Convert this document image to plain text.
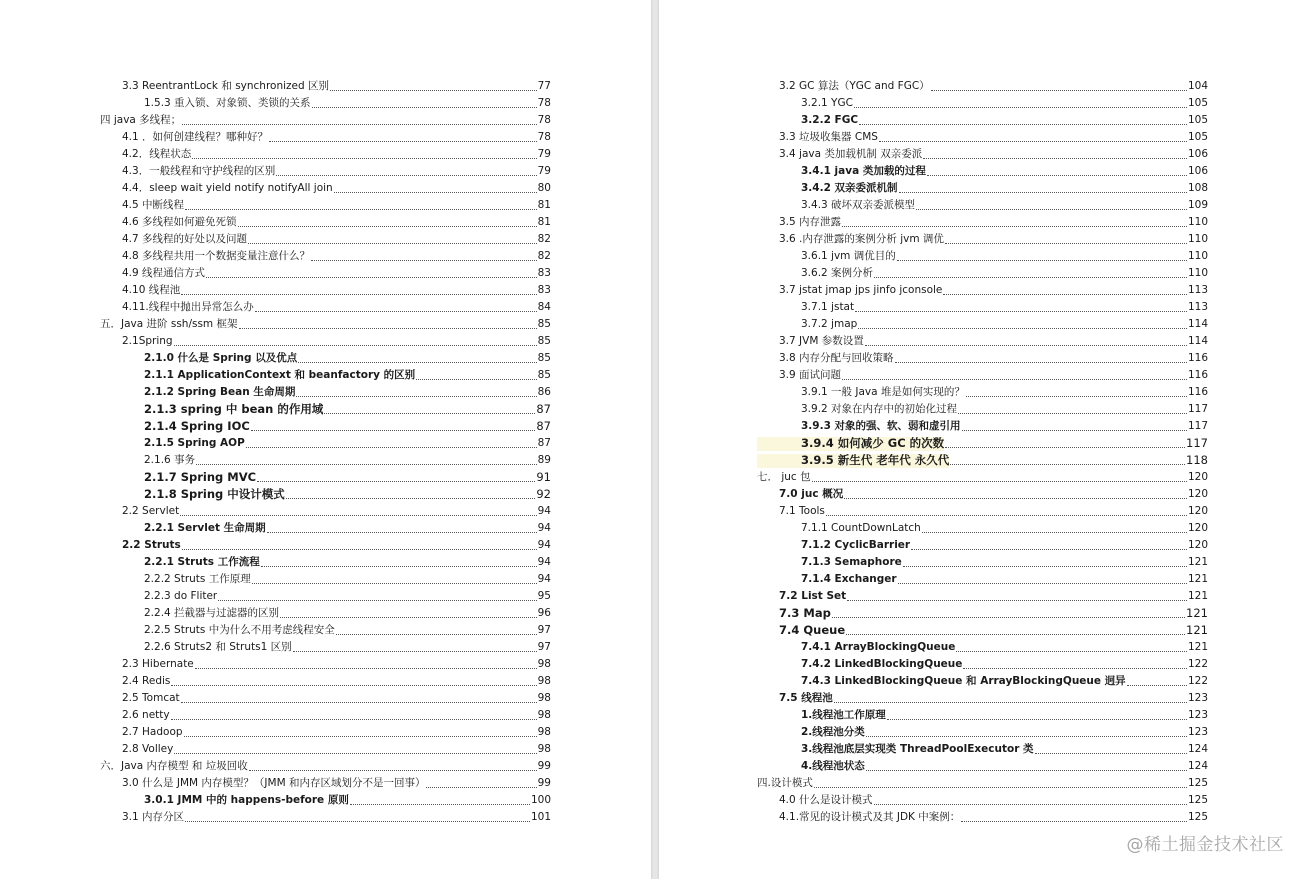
3.3 ReentrantLock 和 synchronized 区别	77
1.5.3 重入锁、对象锁、类锁的关系	78
四 java 多线程；	78
4.1 ．如何创建线程？哪种好？	78
4.2．线程状态	79
4.3．一般线程和守护线程的区别	79
4.4．sleep wait yield notify notifyAll join	80
4.5 中断线程	81
4.6 多线程如何避免死锁	81
4.7 多线程的好处以及问题	82
4.8 多线程共用一个数据变量注意什么？	82
4.9 线程通信方式	83
4.10 线程池	83
4.11.线程中抛出异常怎么办	84
五．Java 进阶 ssh/ssm 框架	85
2.1Spring	85
2.1.0 什么是 Spring 以及优点	85
2.1.1 ApplicationContext 和 beanfactory 的区别	85
2.1.2 Spring Bean 生命周期	86
2.1.3 spring 中 bean 的作用域	87
2.1.4 Spring IOC	87
2.1.5 Spring AOP	87
2.1.6 事务	89
2.1.7 Spring MVC	91
2.1.8 Spring 中设计模式	92
2.2 Servlet	94
2.2.1 Servlet 生命周期	94
2.2 Struts	94
2.2.1 Struts 工作流程	94
2.2.2 Struts 工作原理	94
2.2.3 do Fliter	95
2.2.4 拦截器与过滤器的区别	96
2.2.5 Struts 中为什么不用考虑线程安全	97
2.2.6 Struts2 和 Struts1 区别	97
2.3 Hibernate	98
2.4 Redis	98
2.5 Tomcat	98
2.6 netty	98
2.7 Hadoop	98
2.8 Volley	98
六．Java 内存模型 和 垃圾回收	99
3.0 什么是 JMM 内存模型？（JMM 和内存区域划分不是一回事）	99
3.0.1 JMM 中的 happens-before 原则	100
3.1 内存分区	101
3.2 GC 算法（YGC and FGC）	104
3.2.1 YGC	105
3.2.2 FGC	105
3.3 垃圾收集器 CMS	105
3.4 java 类加载机制 双亲委派	106
3.4.1 java 类加载的过程	106
3.4.2 双亲委派机制	108
3.4.3 破坏双亲委派模型	109
3.5 内存泄露	110
3.6 .内存泄露的案例分析 jvm 调优	110
3.6.1 jvm 调优目的	110
3.6.2 案例分析	110
3.7 jstat jmap jps jinfo jconsole	113
3.7.1 jstat	113
3.7.2 jmap	114
3.7 JVM 参数设置	114
3.8 内存分配与回收策略	116
3.9 面试问题	116
3.9.1 一般 Java 堆是如何实现的？	116
3.9.2 对象在内存中的初始化过程	117
3.9.3 对象的强、软、弱和虚引用	117
3.9.4 如何减少 GC 的次数	117
3.9.5 新生代 老年代 永久代	118
七． juc 包	120
7.0 juc 概况	120
7.1 Tools	120
7.1.1 CountDownLatch	120
7.1.2 CyclicBarrier	120
7.1.3 Semaphore	121
7.1.4 Exchanger	121
7.2 List Set	121
7.3 Map	121
7.4 Queue	121
7.4.1 ArrayBlockingQueue	121
7.4.2 LinkedBlockingQueue	122
7.4.3 LinkedBlockingQueue 和 ArrayBlockingQueue 迥异	122
7.5 线程池	123
1.线程池工作原理	123
2.线程池分类	123
3.线程池底层实现类 ThreadPoolExecutor 类	124
4.线程池状态	124
四.设计模式	125
4.0 什么是设计模式	125
4.1.常见的设计模式及其 JDK 中案例：	125
@稀土掘金技术社区
